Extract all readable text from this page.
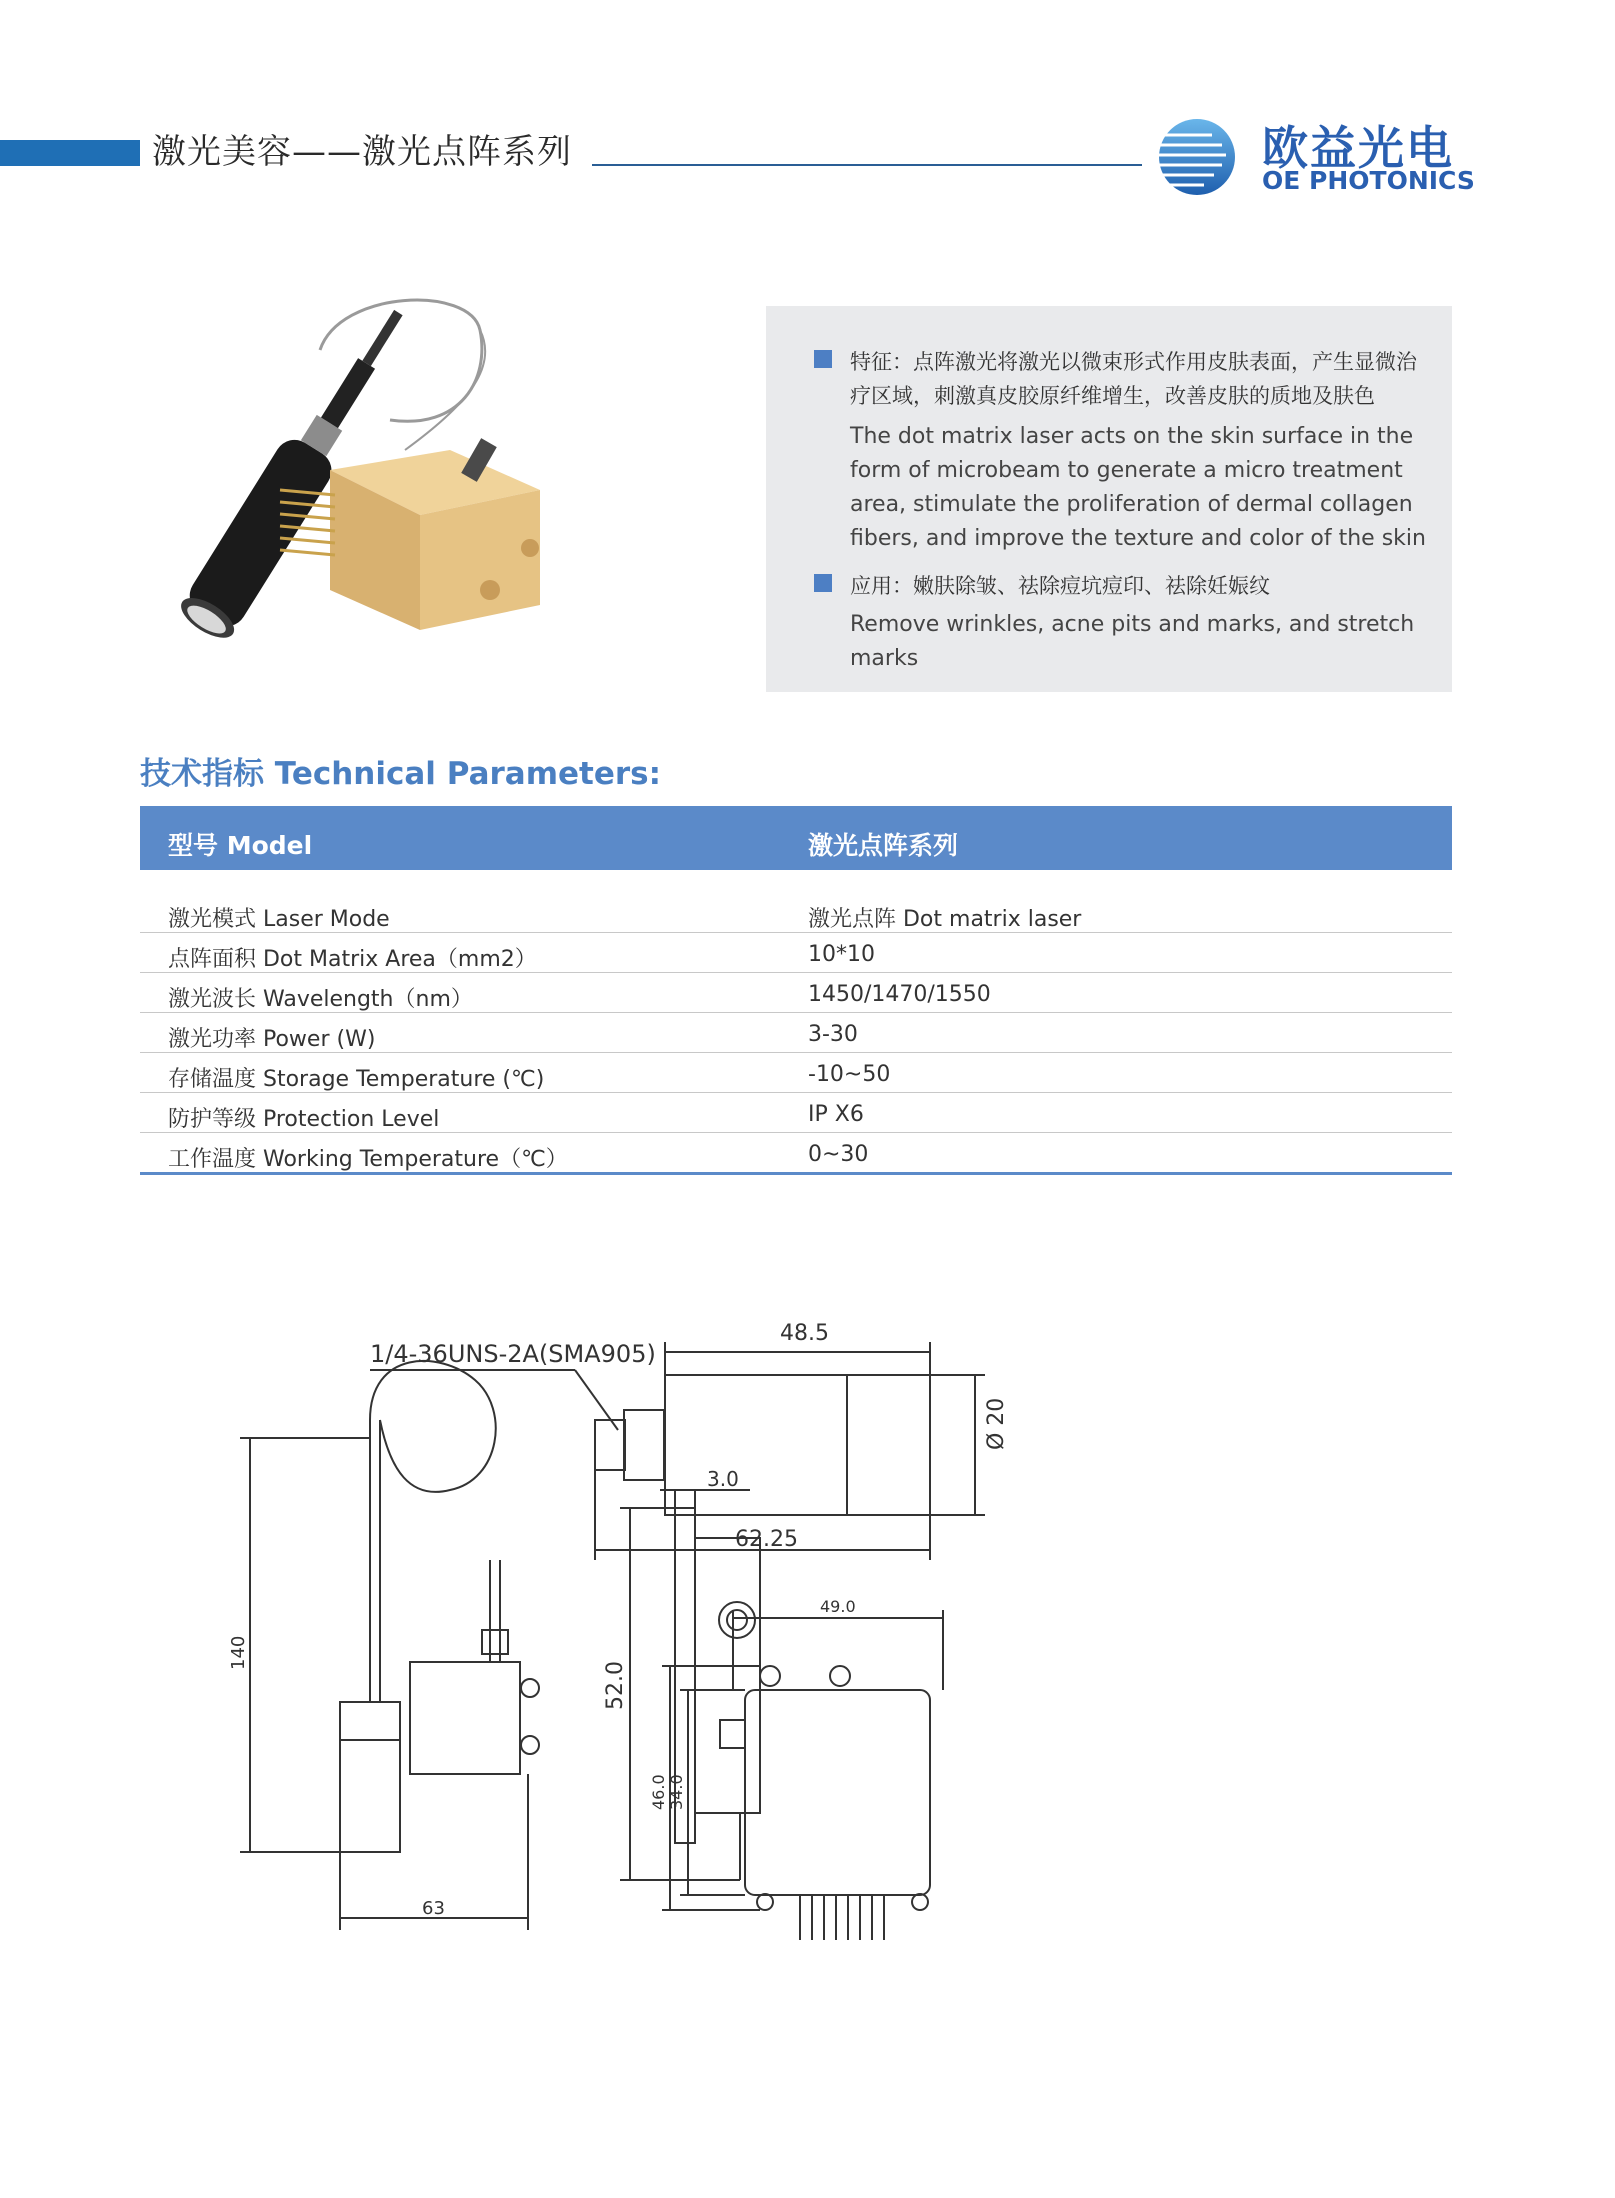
激光美容——激光点阵系列	欧益光电
OE PHOTONICS
特征：点阵激光将激光以微束形式作用皮肤表面，产生显微治
疗区域，刺激真皮胶原纤维增生，改善皮肤的质地及肤色
The dot matrix laser acts on the skin surface in the form of microbeam to generate a micro treatment area, stimulate the proliferation of dermal collagen fibers, and improve the texture and color of the skin
应用：嫩肤除皱、祛除痘坑痘印、祛除妊娠纹
Remove wrinkles, acne pits and marks, and stretch marks
技术指标 Technical Parameters:
型号 Model	激光点阵系列
激光模式 Laser Mode	激光点阵 Dot matrix laser
点阵面积 Dot Matrix Area（mm2）	10*10
激光波长 Wavelength（nm）	1450/1470/1550
激光功率 Power (W)	3-30
存储温度 Storage Temperature (℃)	-10~50
防护等级 Protection Level	IP X6
工作温度 Working Temperature（℃）	0~30
1/4-36UNS-2A(SMA905)
48.5
62.25
Ø 20
3.0
52.0
140
63
49.0
46.0 34.0
